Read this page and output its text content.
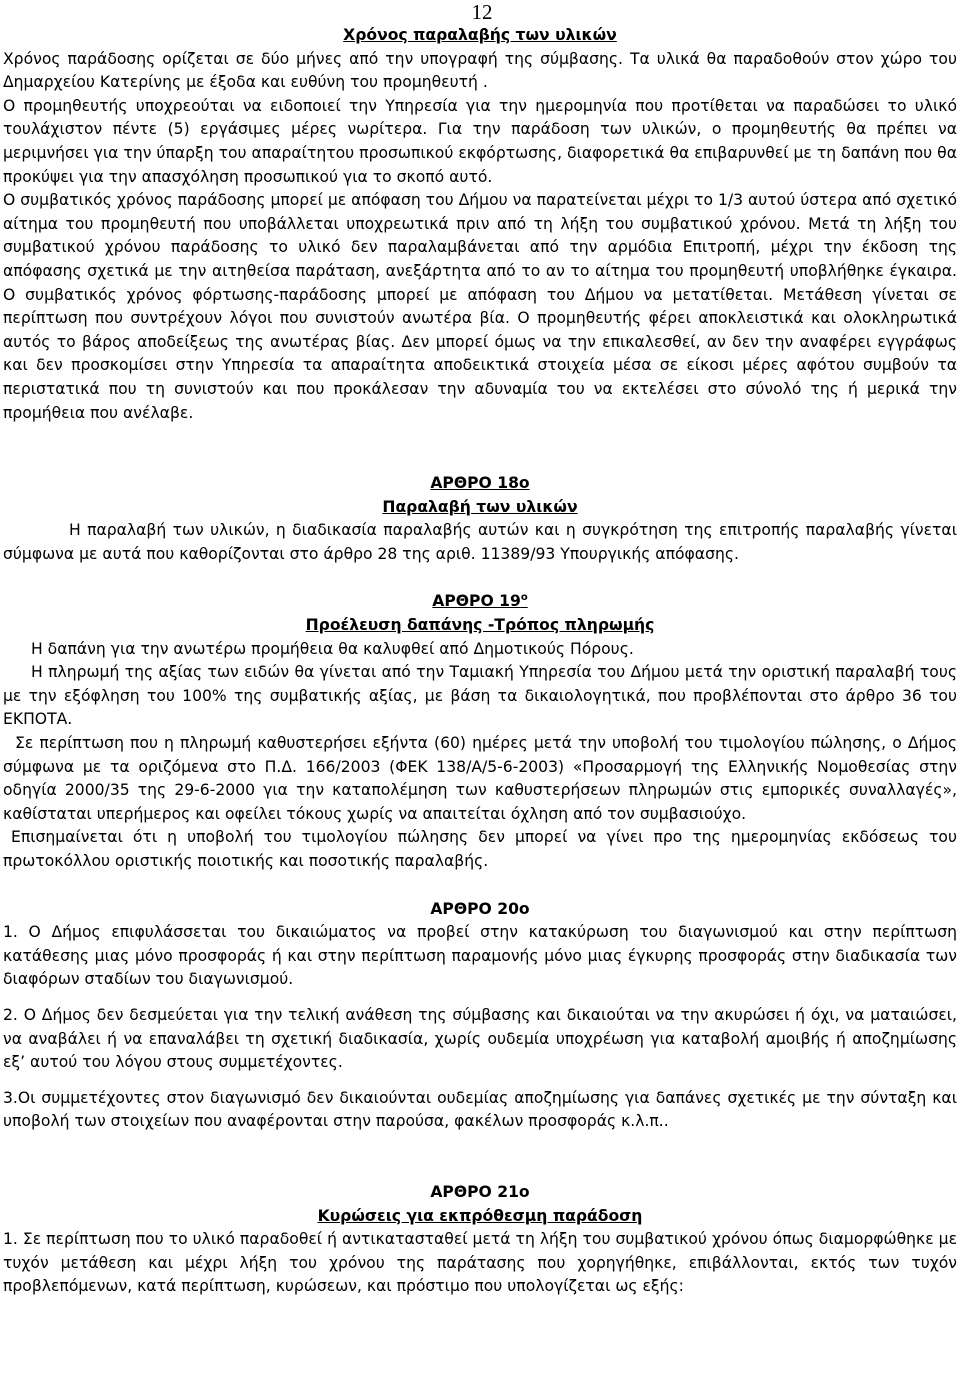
12
Χρόνος παραλαβής των υλικών

Χρόνος παράδοσης ορίζεται σε δύο μήνες από την υπογραφή της σύμβασης. Τα υλικά θα παραδοθούν στον χώρο του Δημαρχείου Κατερίνης με έξοδα και ευθύνη του προμηθευτή .

Ο προμηθευτής υποχρεούται να ειδοποιεί την Υπηρεσία για την ημερομηνία που προτίθεται να παραδώσει το υλικό τουλάχιστον πέντε (5) εργάσιμες μέρες νωρίτερα. Για την παράδοση των υλικών, ο προμηθευτής θα πρέπει να μεριμνήσει για την ύπαρξη του απαραίτητου προσωπικού εκφόρτωσης, διαφορετικά θα επιβαρυνθεί με τη δαπάνη που θα προκύψει για την απασχόληση προσωπικού για το σκοπό αυτό.

Ο συμβατικός χρόνος παράδοσης μπορεί με απόφαση του Δήμου να παρατείνεται μέχρι το 1/3 αυτού ύστερα από σχετικό αίτημα του προμηθευτή που υποβάλλεται υποχρεωτικά πριν από τη λήξη του συμβατικού χρόνου. Μετά τη λήξη του συμβατικού χρόνου παράδοσης το υλικό δεν παραλαμβάνεται από την αρμόδια Επιτροπή, μέχρι την έκδοση της απόφασης σχετικά με την αιτηθείσα παράταση, ανεξάρτητα από το αν το αίτημα του προμηθευτή υποβλήθηκε έγκαιρα. Ο συμβατικός χρόνος φόρτωσης-παράδοσης μπορεί με απόφαση του Δήμου να μετατίθεται. Μετάθεση γίνεται σε περίπτωση που συντρέχουν λόγοι που συνιστούν ανωτέρα βία. Ο προμηθευτής φέρει αποκλειστικά και ολοκληρωτικά αυτός το βάρος αποδείξεως της ανωτέρας βίας. Δεν μπορεί όμως να την επικαλεσθεί, αν δεν την αναφέρει εγγράφως και δεν προσκομίσει στην Υπηρεσία τα απαραίτητα αποδεικτικά στοιχεία μέσα σε είκοσι μέρες αφότου συμβούν τα περιστατικά που τη συνιστούν και που προκάλεσαν την αδυναμία του να εκτελέσει στο σύνολό της ή μερικά την προμήθεια που ανέλαβε.

ΑΡΘΡΟ 18ο
Παραλαβή των υλικών

Η παραλαβή των υλικών, η διαδικασία παραλαβής αυτών και η συγκρότηση της επιτροπής παραλαβής γίνεται σύμφωνα με αυτά που καθορίζονται στο άρθρο 28 της αριθ. 11389/93 Υπουργικής απόφασης.

ΑΡΘΡΟ $19^o$
Προέλευση δαπάνης -Τρόπος πληρωμής

Η δαπάνη για την ανωτέρω προμήθεια θα καλυφθεί από Δημοτικούς Πόρους.

Η πληρωμή της αξίας των ειδών θα γίνεται από την Ταμιακή Υπηρεσία του Δήμου μετά την οριστική παραλαβή τους με την εξόφληση του 100% της συμβατικής αξίας, με βάση τα δικαιολογητικά, που προβλέπονται στο άρθρο 36 του ΕΚΠΟΤΑ.

Σε περίπτωση που η πληρωμή καθυστερήσει εξήντα (60) ημέρες μετά την υποβολή του τιμολογίου πώλησης, ο Δήμος σύμφωνα με τα οριζόμενα στο Π.Δ. 166/2003 (ΦΕΚ 138/Α/5-6-2003) «Προσαρμογή της Ελληνικής Νομοθεσίας στην οδηγία 2000/35 της 29-6-2000 για την καταπολέμηση των καθυστερήσεων πληρωμών στις εμπορικές συναλλαγές», καθίσταται υπερήμερος και οφείλει τόκους χωρίς να απαιτείται όχληση από τον συμβασιούχο.

Επισημαίνεται ότι η υποβολή του τιμολογίου πώλησης δεν μπορεί να γίνει προ της ημερομηνίας εκδόσεως του πρωτοκόλλου οριστικής ποιοτικής και ποσοτικής παραλαβής.

ΑΡΘΡΟ 20ο

1. Ο Δήμος επιφυλάσσεται του δικαιώματος να προβεί στην κατακύρωση του διαγωνισμού και στην περίπτωση κατάθεσης μιας μόνο προσφοράς ή και στην περίπτωση παραμονής μόνο μιας έγκυρης προσφοράς στην διαδικασία των διαφόρων σταδίων του διαγωνισμού.

2. Ο Δήμος δεν δεσμεύεται για την τελική ανάθεση της σύμβασης και δικαιούται να την ακυρώσει ή όχι, να ματαιώσει, να αναβάλει ή να επαναλάβει τη σχετική διαδικασία, χωρίς ουδεμία υποχρέωση για καταβολή αμοιβής ή αποζημίωσης εξ’ αυτού του λόγου στους συμμετέχοντες.

3.Οι συμμετέχοντες στον διαγωνισμό δεν δικαιούνται ουδεμίας αποζημίωσης για δαπάνες σχετικές με την σύνταξη και υποβολή των στοιχείων που αναφέρονται στην παρούσα, φακέλων προσφοράς κ.λ.π..

ΑΡΘΡΟ 21ο
Κυρώσεις για εκπρόθεσμη παράδοση

1. Σε περίπτωση που το υλικό παραδοθεί ή αντικατασταθεί μετά τη λήξη του συμβατικού χρόνου όπως διαμορφώθηκε με τυχόν μετάθεση και μέχρι λήξη του χρόνου της παράτασης που χορηγήθηκε, επιβάλλονται, εκτός των τυχόν προβλεπόμενων, κατά περίπτωση, κυρώσεων, και πρόστιμο που υπολογίζεται ως εξής:
